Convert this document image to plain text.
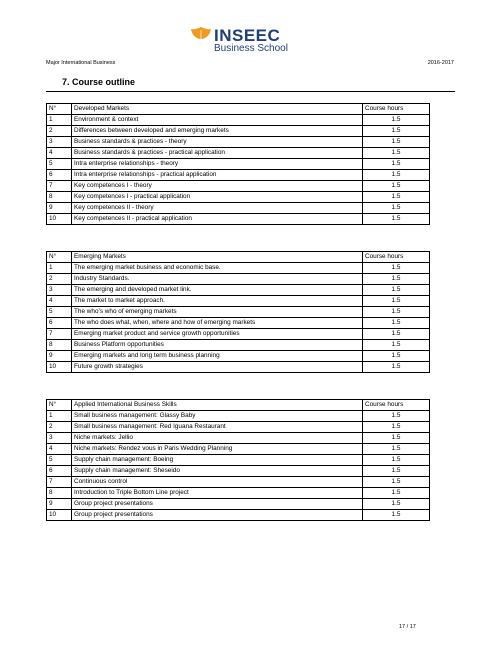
INSEEC
Business School
Major International Business	2016-2017
7. Course outline
N°	Developed Markets	Course hours
1	Environment & context	1.5
2	Differences between developed and emerging markets	1.5
3	Business standards & practices - theory	1.5
4	Business standards & practices - practical application	1.5
5	Intra enterprise relationships - theory	1.5
6	Intra enterprise relationships - practical application	1.5
7	Key competences I - theory	1.5
8	Key competences I - practical application	1.5
9	Key competences II - theory	1.5
10	Key competences II - practical application	1.5
N°	Emerging Markets	Course hours
1	The emerging market business and economic base.	1.5
2	Industry Standards.	1.5
3	The emerging and developed market link.	1.5
4	The market to market approach.	1.5
5	The who’s who of emerging markets	1.5
6	The who does what, when, where and how of emerging markets	1.5
7	Emerging market product and service growth opportunities	1.5
8	Business Platform opportunities	1.5
9	Emerging markets and long term business planning	1.5
10	Future growth strategies	1.5
N°	Applied International Business Skills	Course hours
1	Small business management: Glassy Baby	1.5
2	Small business management: Red Iguana Restaurant	1.5
3	Niche markets: Jellio	1.5
4	Niche markets: Rendez vous in Paris Wedding Planning	1.5
5	Supply chain management: Boeing	1.5
6	Supply chain management: Sheseido	1.5
7	Continuous control	1.5
8	Introduction to Triple Bottom Line project	1.5
9	Group project presentations	1.5
10	Group project presentations	1.5
17 / 17
